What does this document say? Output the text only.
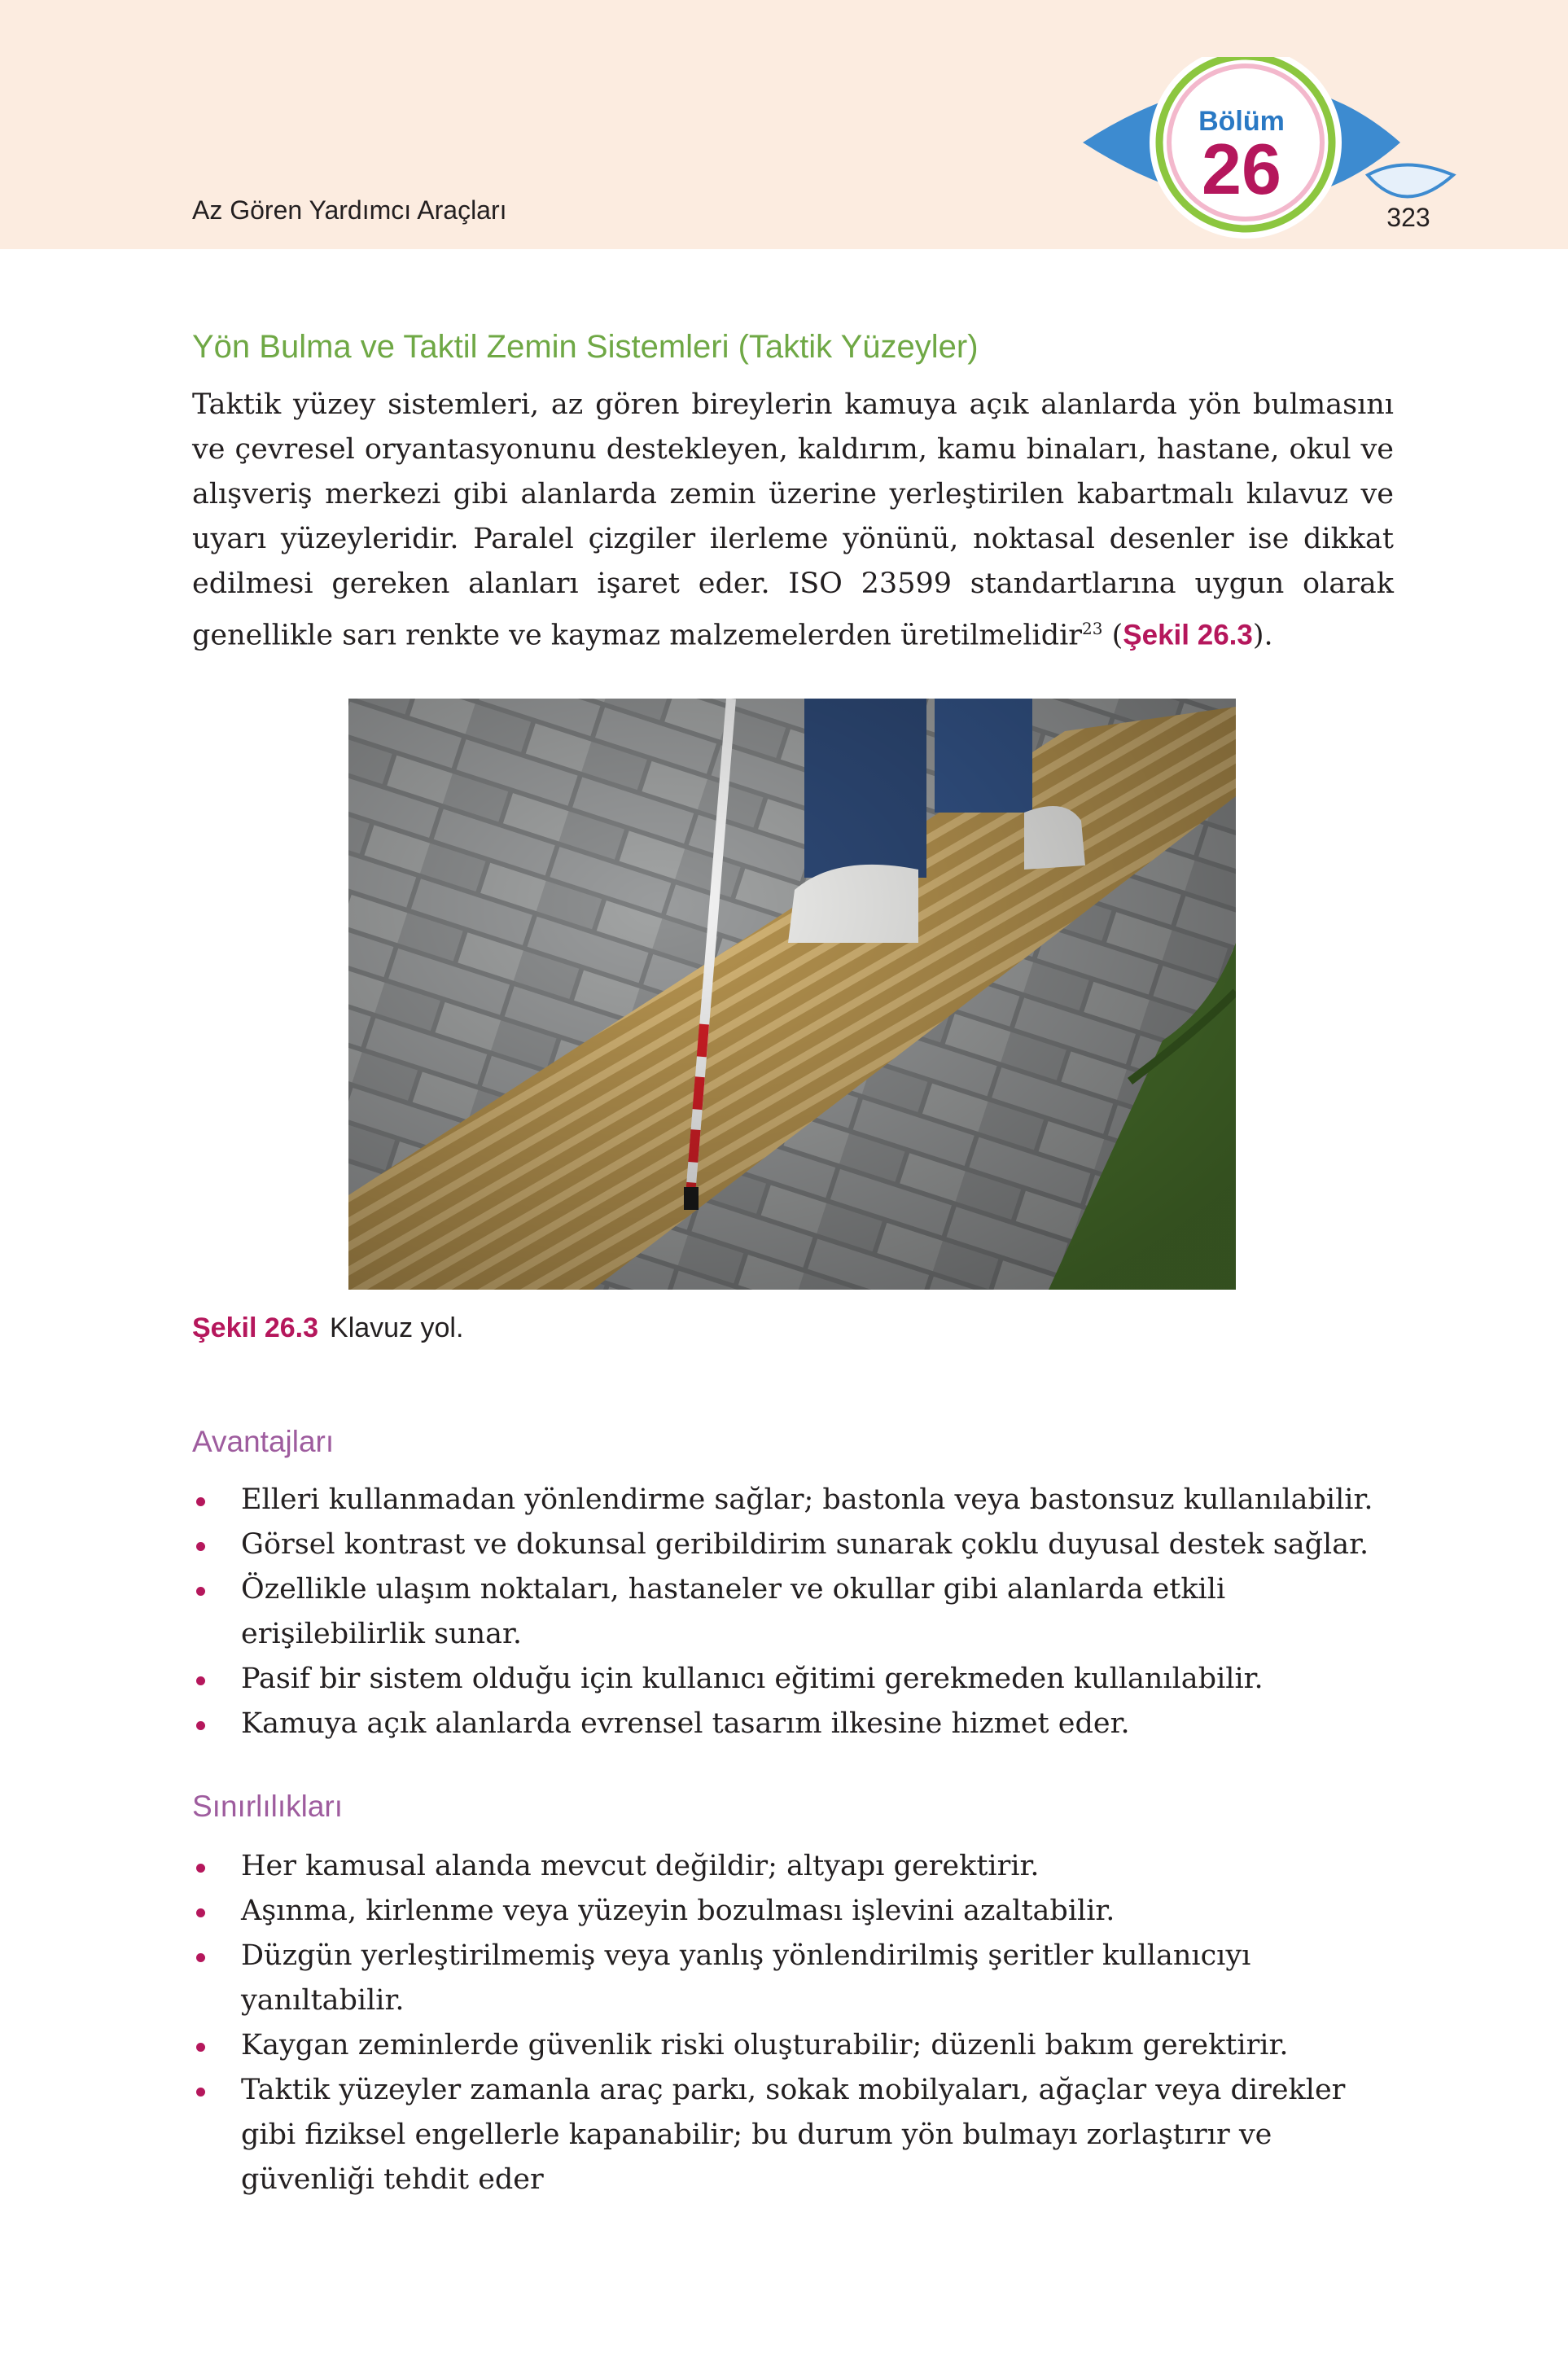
Az Gören Yardımcı Araçları
Bölüm
26
323
Yön Bulma ve Taktil Zemin Sistemleri (Taktik Yüzeyler)

Taktik yüzey sistemleri, az gören bireylerin kamuya açık alanlarda yön bulmasını ve çevresel oryantasyonunu destekleyen, kaldırım, kamu binaları, hastane, okul ve alışveriş merkezi gibi alanlarda zemin üzerine yerleştirilen kabartmalı kılavuz ve uyarı yüzeyleridir. Paralel çizgiler ilerleme yönünü, noktasal desenler ise dikkat edilmesi gereken alanları işaret eder. ISO 23599 standartlarına uygun olarak genellikle sarı renkte ve kaymaz malzemelerden üretilmelidir$^{23}$ (Şekil 26.3).

Şekil 26.3 Klavuz yol.
Avantajları
Elleri kullanmadan yönlendirme sağlar; bastonla veya bastonsuz kullanılabilir.
Görsel kontrast ve dokunsal geribildirim sunarak çoklu duyusal destek sağlar.
Özellikle ulaşım noktaları, hastaneler ve okullar gibi alanlarda etkili erişilebilirlik sunar.
Pasif bir sistem olduğu için kullanıcı eğitimi gerekmeden kullanılabilir.
Kamuya açık alanlarda evrensel tasarım ilkesine hizmet eder.
Sınırlılıkları
Her kamusal alanda mevcut değildir; altyapı gerektirir.
Aşınma, kirlenme veya yüzeyin bozulması işlevini azaltabilir.
Düzgün yerleştirilmemiş veya yanlış yönlendirilmiş şeritler kullanıcıyı yanıltabilir.
Kaygan zeminlerde güvenlik riski oluşturabilir; düzenli bakım gerektirir.
Taktik yüzeyler zamanla araç parkı, sokak mobilyaları, ağaçlar veya direkler gibi fiziksel engellerle kapanabilir; bu durum yön bulmayı zorlaştırır ve güvenliği tehdit eder
